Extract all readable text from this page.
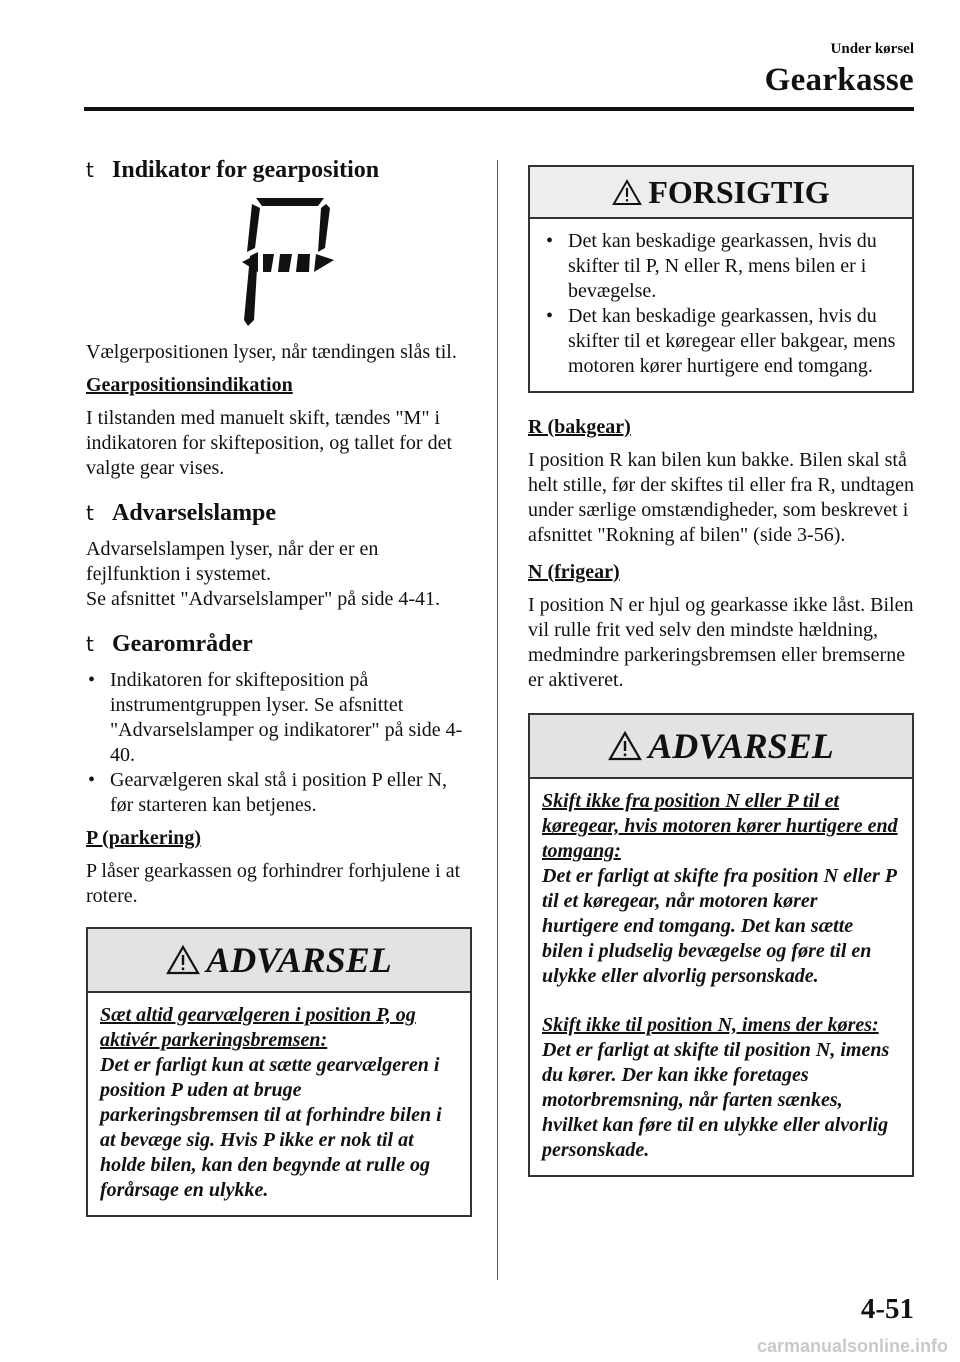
Under kørsel
Gearkasse
t Indikator for gearposition

Vælgerpositionen lyser, når tændingen slås til.

Gearpositionsindikation

I tilstanden med manuelt skift, tændes "M" i indikatoren for skifteposition, og tallet for det valgte gear vises.

t Advarselslampe

Advarselslampen lyser, når der er en fejlfunktion i systemet.

Se afsnittet "Advarselslamper" på side 4-41.

t Gearområder
• Indikatoren for skifteposition på instrumentgruppen lyser. Se afsnittet "Advarselslamper og indikatorer" på side 4-40.
• Gearvælgeren skal stå i position P eller N, før starteren kan betjenes.
P (parkering)

P låser gearkassen og forhindrer forhjulene i at rotere.

ADVARSEL
Sæt altid gearvælgeren i position P, og aktivér parkeringsbremsen:
Det er farligt kun at sætte gearvælgeren i position P uden at bruge parkeringsbremsen til at forhindre bilen i at bevæge sig. Hvis P ikke er nok til at holde bilen, kan den begynde at rulle og forårsage en ulykke.
FORSIGTIG
• Det kan beskadige gearkassen, hvis du skifter til P, N eller R, mens bilen er i bevægelse.
• Det kan beskadige gearkassen, hvis du skifter til et køregear eller bakgear, mens motoren kører hurtigere end tomgang.
R (bakgear)

I position R kan bilen kun bakke. Bilen skal stå helt stille, før der skiftes til eller fra R, undtagen under særlige omstændigheder, som beskrevet i afsnittet "Rokning af bilen" (side 3-56).

N (frigear)

I position N er hjul og gearkasse ikke låst. Bilen vil rulle frit ved selv den mindste hældning, medmindre parkeringsbremsen eller bremserne er aktiveret.

ADVARSEL
Skift ikke fra position N eller P til et køregear, hvis motoren kører hurtigere end tomgang:
Det er farligt at skifte fra position N eller P til et køregear, når motoren kører hurtigere end tomgang. Det kan sætte bilen i pludselig bevægelse og føre til en ulykke eller alvorlig personskade.
Skift ikke til position N, imens der køres:
Det er farligt at skifte til position N, imens du kører. Der kan ikke foretages motorbremsning, når farten sænkes, hvilket kan føre til en ulykke eller alvorlig personskade.
4-51
carmanualsonline.info
